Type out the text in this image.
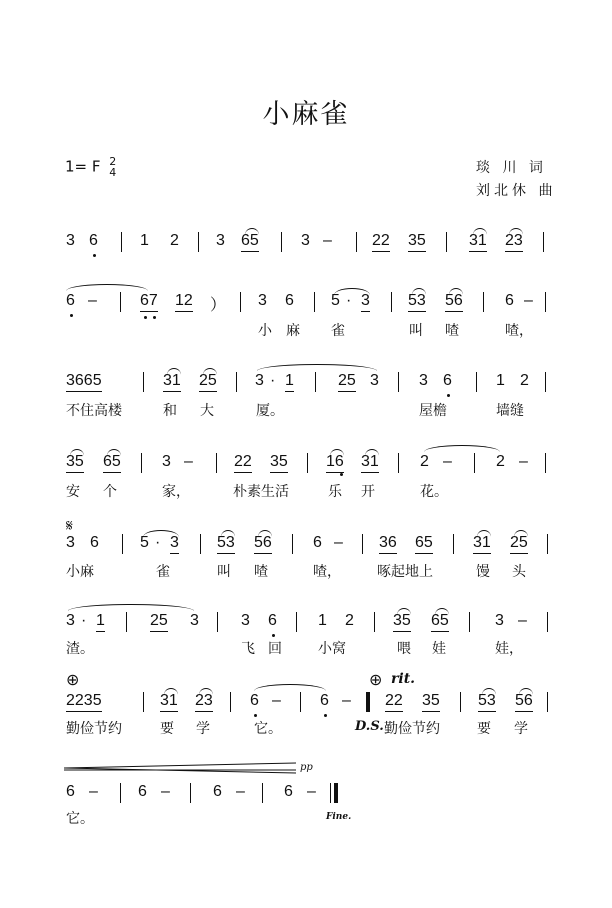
小麻雀
1= F 2
4	琰 川 词
刘北休 曲
3 6	1 2 3 65	3 –	22 35	31 23
6 –	67 12 ） 3 6 5 · 3 53 56	6 –
小 麻 雀	叫 喳	喳，
3665	31 25 3 · 1	25 3	3 6	1 2
不住高楼	和 大	厦。	屋檐	墙缝
35 65	3 –	22 35 16 31	2 –	2 –
安 个	家，	朴素生活	乐 开	花。
𝄋
3 6	5 · 3 53 56	6 – 36 65	31 25
小麻	雀	叫 喳	喳，	啄起地上	馒 头
3 · 1	25 3	3 6	1 2 35 65	3 –
渣。	飞 回	小窝	喂 娃	娃，
⊕	⊕ rit.
2235	31 23 6 – 6 – 22 35 53 56
勤俭节约	要 学	它。	D.S. 勤俭节约	要 学
pp
6 –	6 –	6 – 6 –
它。	Fine.
